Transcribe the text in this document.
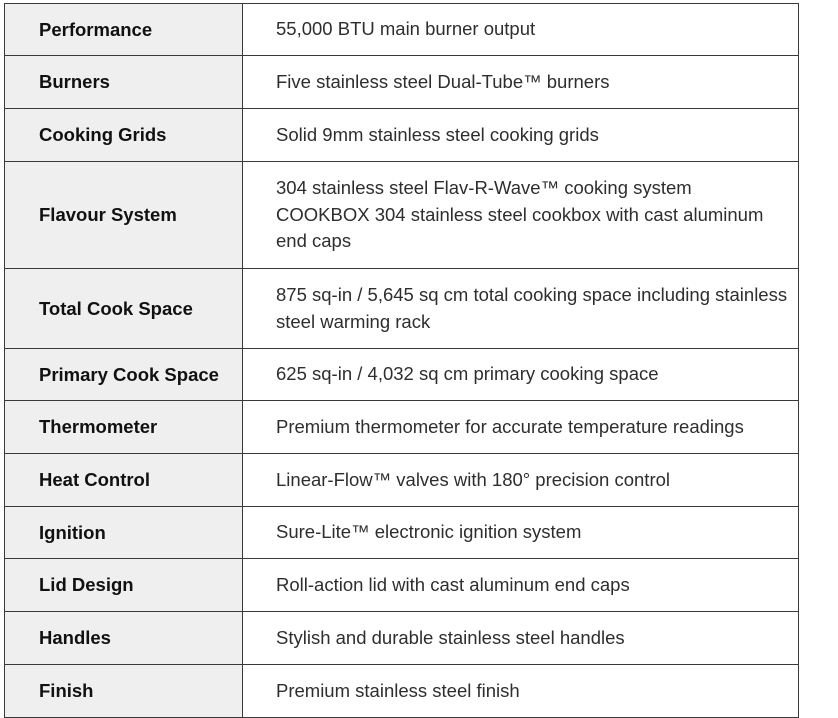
Performance	55,000 BTU main burner output
Burners	Five stainless steel Dual-Tube™ burners
Cooking Grids	Solid 9mm stainless steel cooking grids
Flavour System	304 stainless steel Flav-R-Wave™ cooking system COOKBOX 304 stainless steel cookbox with cast aluminum end caps
Total Cook Space	875 sq-in / 5,645 sq cm total cooking space including stainless steel warming rack
Primary Cook Space	625 sq-in / 4,032 sq cm primary cooking space
Thermometer	Premium thermometer for accurate temperature readings
Heat Control	Linear-Flow™ valves with 180° precision control
Ignition	Sure-Lite™ electronic ignition system
Lid Design	Roll-action lid with cast aluminum end caps
Handles	Stylish and durable stainless steel handles
Finish	Premium stainless steel finish
